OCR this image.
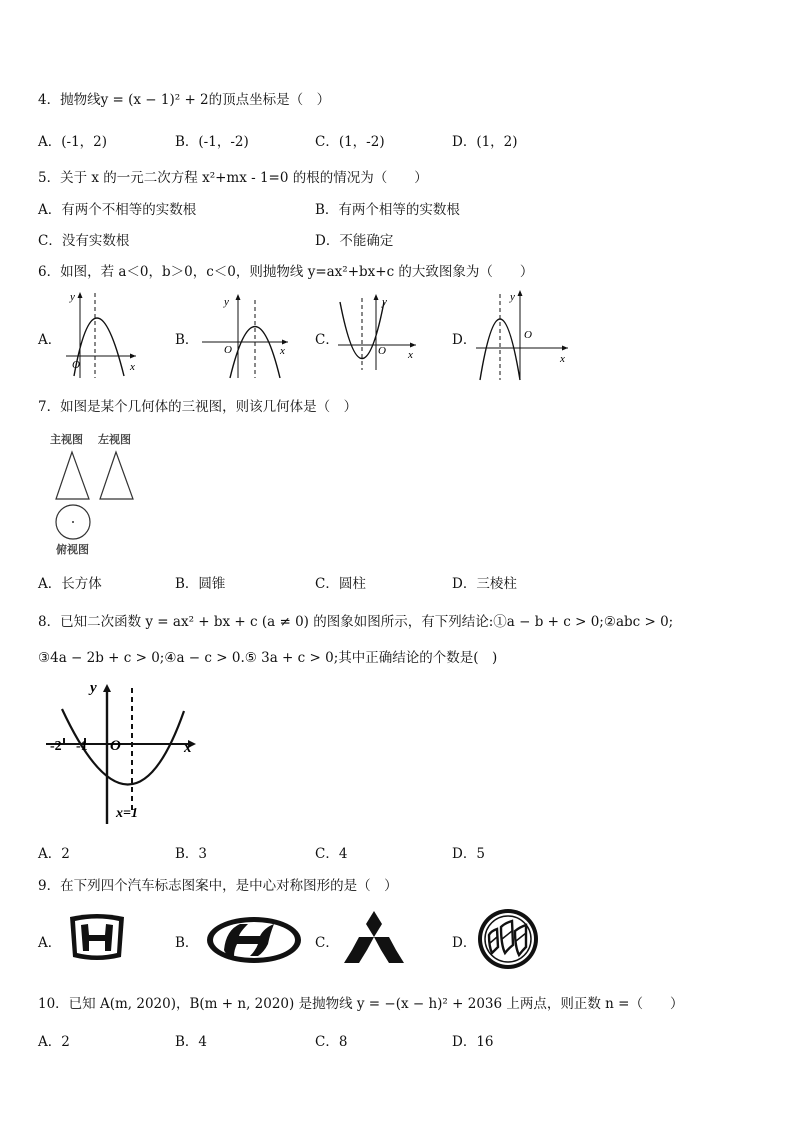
4．抛物线y = (x − 1)² + 2的顶点坐标是（　）
A．(-1，2)	B．(-1，-2)	C．(1，-2)	D．(1，2)
5．关于 x 的一元二次方程 x²+mx - 1=0 的根的情况为（　　）
A．有两个不相等的实数根	B．有两个相等的实数根
C．没有实数根	D．不能确定
6．如图，若 a＜0，b＞0，c＜0，则抛物线 y=ax²+bx+c 的大致图象为（　　）
A．
y
x
O
B．
y
x
O
C．
y
x
O
D．
y
x
O
7．如图是某个几何体的三视图，则该几何体是（　）
主视图 左视图
俯视图
A．长方体	B．圆锥	C．圆柱	D．三棱柱
8．已知二次函数 y = ax² + bx + c (a ≠ 0) 的图象如图所示，有下列结论:①a − b + c > 0;②abc > 0;
③4a − 2b + c > 0;④a − c > 0.⑤ 3a + c > 0;其中正确结论的个数是(　)
y
x
O
-2 -1
x=1
A．2	B．3	C．4	D．5
9．在下列四个汽车标志图案中，是中心对称图形的是（　）
A．	B．	C．	D．
10．已知 A(m, 2020)，B(m + n, 2020) 是抛物线 y = −(x − h)² + 2036 上两点，则正数 n =（　　）
A．2	B．4	C．8	D．16
